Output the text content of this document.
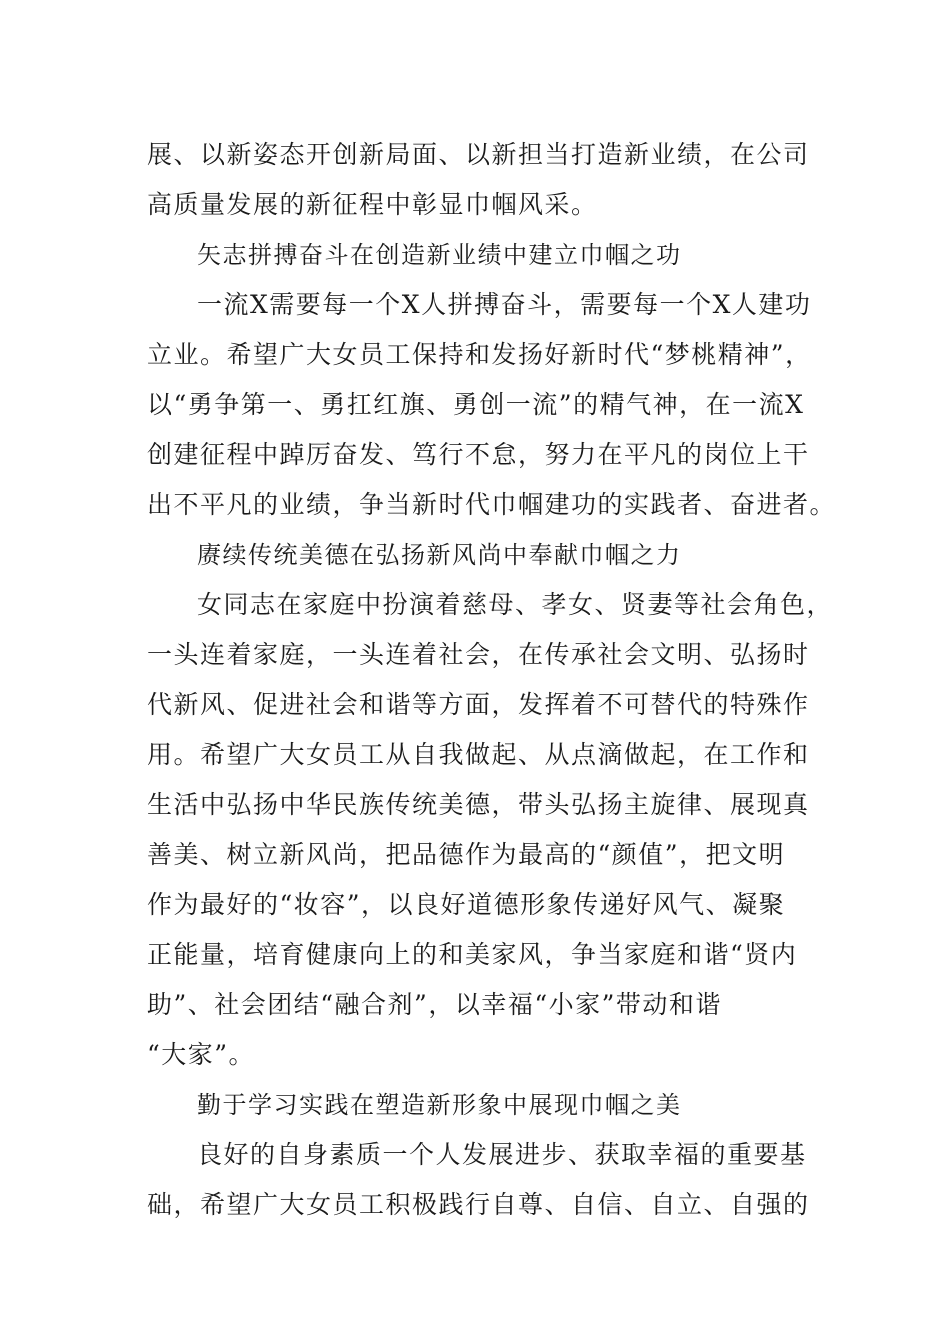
展、以新姿态开创新局面、以新担当打造新业绩，在公司
高质量发展的新征程中彰显巾帼风采。
矢志拼搏奋斗在创造新业绩中建立巾帼之功
一流X需要每一个X人拼搏奋斗，需要每一个X人建功
立业。希望广大女员工保持和发扬好新时代“梦桃精神”，
以“勇争第一、勇扛红旗、勇创一流”的精气神，在一流X
创建征程中踔厉奋发、笃行不怠，努力在平凡的岗位上干
出不平凡的业绩，争当新时代巾帼建功的实践者、奋进者。
赓续传统美德在弘扬新风尚中奉献巾帼之力
女同志在家庭中扮演着慈母、孝女、贤妻等社会角色，
一头连着家庭，一头连着社会，在传承社会文明、弘扬时
代新风、促进社会和谐等方面，发挥着不可替代的特殊作
用。希望广大女员工从自我做起、从点滴做起，在工作和
生活中弘扬中华民族传统美德，带头弘扬主旋律、展现真
善美、树立新风尚，把品德作为最高的“颜值”，把文明
作为最好的“妆容”，以良好道德形象传递好风气、凝聚
正能量，培育健康向上的和美家风，争当家庭和谐“贤内
助”、社会团结“融合剂”，以幸福“小家”带动和谐
“大家”。
勤于学习实践在塑造新形象中展现巾帼之美
良好的自身素质一个人发展进步、获取幸福的重要基
础，希望广大女员工积极践行自尊、自信、自立、自强的
